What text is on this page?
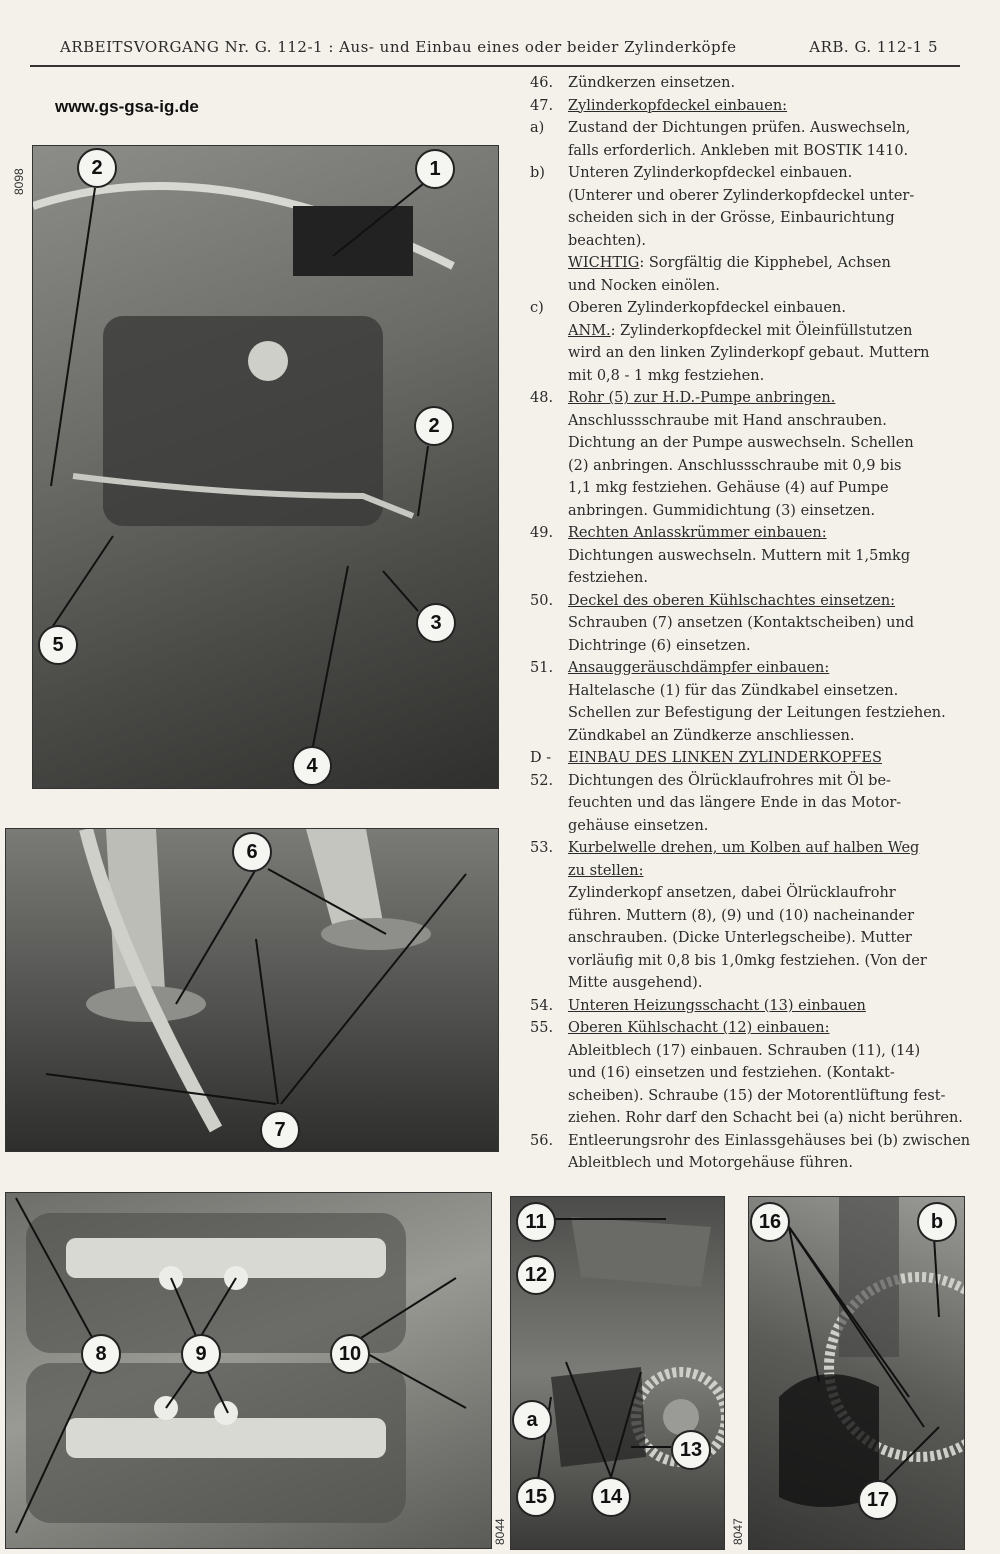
ARBEITSVORGANG Nr. G. 112-1 : Aus- und Einbau eines oder beider Zylinderköpfe	ARB. G. 112-1 5
www.gs-gsa-ig.de
2	1
2
3
5
4
8098
6
7
8	9	10
11
12
13
a
15	14
8044
16	b
17
8047
46. Zündkerzen einsetzen.
47. Zylinderkopfdeckel einbauen:
a) Zustand der Dichtungen prüfen. Auswechseln,
falls erforderlich. Ankleben mit BOSTIK 1410.
b) Unteren Zylinderkopfdeckel einbauen.
(Unterer und oberer Zylinderkopfdeckel unter-
scheiden sich in der Grösse, Einbaurichtung
beachten).
WICHTIG: Sorgfältig die Kipphebel, Achsen
und Nocken einölen.
c) Oberen Zylinderkopfdeckel einbauen.
ANM.: Zylinderkopfdeckel mit Öleinfüllstutzen
wird an den linken Zylinderkopf gebaut. Muttern
mit 0,8 - 1 mkg festziehen.
48. Rohr (5) zur H.D.-Pumpe anbringen.
Anschlussschraube mit Hand anschrauben.
Dichtung an der Pumpe auswechseln. Schellen
(2) anbringen. Anschlussschraube mit 0,9 bis
1,1 mkg festziehen. Gehäuse (4) auf Pumpe
anbringen. Gummidichtung (3) einsetzen.
49. Rechten Anlasskrümmer einbauen:
Dichtungen auswechseln. Muttern mit 1,5mkg
festziehen.
50. Deckel des oberen Kühlschachtes einsetzen:
Schrauben (7) ansetzen (Kontaktscheiben) und
Dichtringe (6) einsetzen.
51. Ansauggeräuschdämpfer einbauen:
Haltelasche (1) für das Zündkabel einsetzen.
Schellen zur Befestigung der Leitungen festziehen.
Zündkabel an Zündkerze anschliessen.
D - EINBAU DES LINKEN ZYLINDERKOPFES
52. Dichtungen des Ölrücklaufrohres mit Öl be-
feuchten und das längere Ende in das Motor-
gehäuse einsetzen.
53. Kurbelwelle drehen, um Kolben auf halben Weg
zu stellen:
Zylinderkopf ansetzen, dabei Ölrücklaufrohr
führen. Muttern (8), (9) und (10) nacheinander
anschrauben. (Dicke Unterlegscheibe). Mutter
vorläufig mit 0,8 bis 1,0mkg festziehen. (Von der
Mitte ausgehend).
54. Unteren Heizungsschacht (13) einbauen
55. Oberen Kühlschacht (12) einbauen:
Ableitblech (17) einbauen. Schrauben (11), (14)
und (16) einsetzen und festziehen. (Kontakt-
scheiben). Schraube (15) der Motorentlüftung fest-
ziehen. Rohr darf den Schacht bei (a) nicht berühren.
56. Entleerungsrohr des Einlassgehäuses bei (b) zwischen
Ableitblech und Motorgehäuse führen.
